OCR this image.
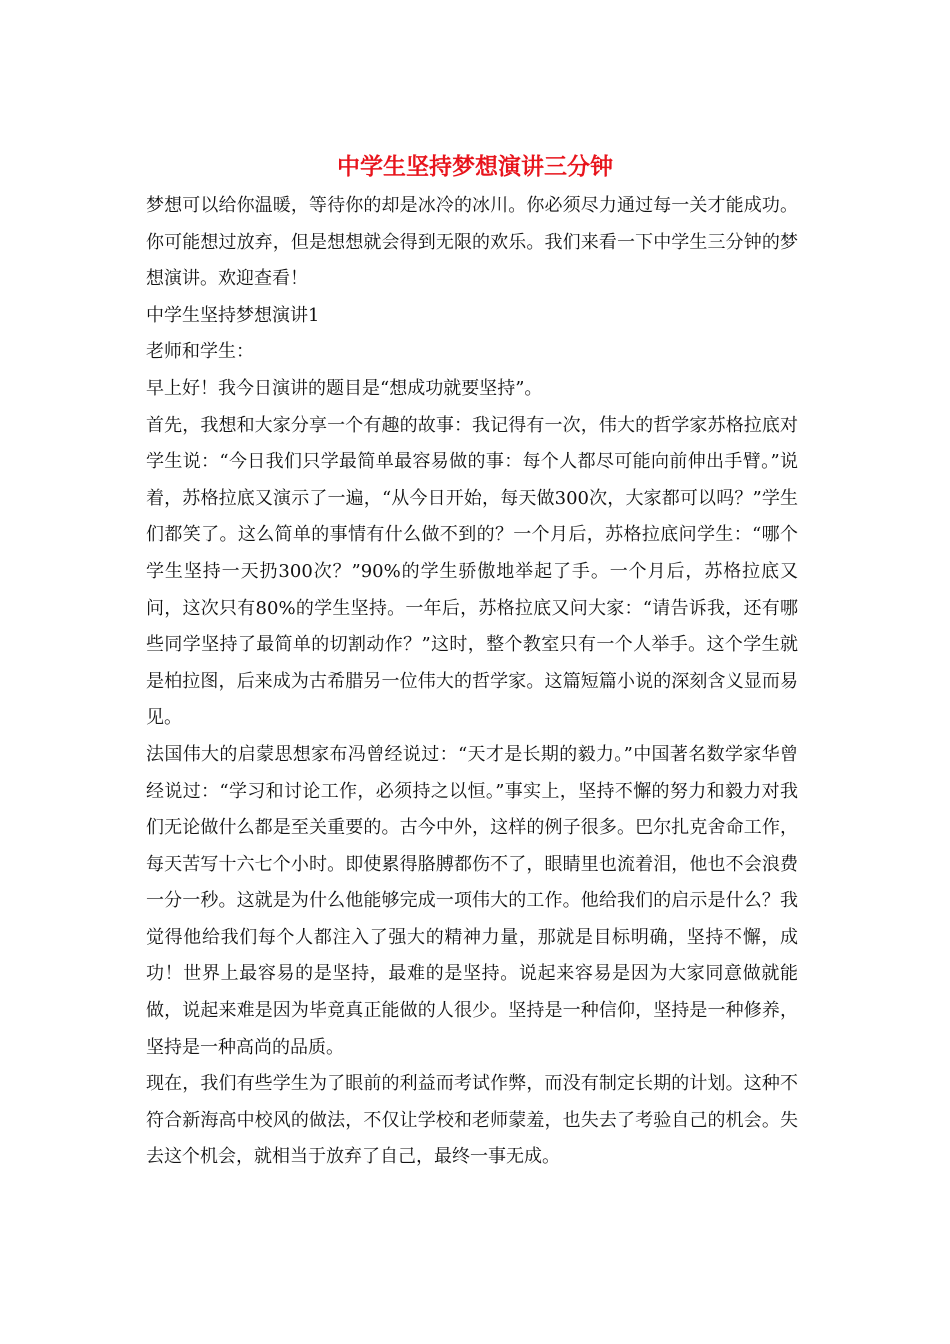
中学生坚持梦想演讲三分钟

梦想可以给你温暖，等待你的却是冰冷的冰川。你必须尽力通过每一关才能成功。你可能想过放弃，但是想想就会得到无限的欢乐。我们来看一下中学生三分钟的梦想演讲。欢迎查看！

中学生坚持梦想演讲1

老师和学生：

早上好！我今日演讲的题目是“想成功就要坚持”。

首先，我想和大家分享一个有趣的故事：我记得有一次，伟大的哲学家苏格拉底对学生说：“今日我们只学最简单最容易做的事：每个人都尽可能向前伸出手臂。”说着，苏格拉底又演示了一遍，“从今日开始，每天做300次，大家都可以吗？”学生们都笑了。这么简单的事情有什么做不到的？一个月后，苏格拉底问学生：“哪个学生坚持一天扔300次？”90%的学生骄傲地举起了手。一个月后，苏格拉底又问，这次只有80%的学生坚持。一年后，苏格拉底又问大家：“请告诉我，还有哪些同学坚持了最简单的切割动作？”这时，整个教室只有一个人举手。这个学生就是柏拉图，后来成为古希腊另一位伟大的哲学家。这篇短篇小说的深刻含义显而易见。

法国伟大的启蒙思想家布冯曾经说过：“天才是长期的毅力。”中国著名数学家华曾经说过：“学习和讨论工作，必须持之以恒。”事实上，坚持不懈的努力和毅力对我们无论做什么都是至关重要的。古今中外，这样的例子很多。巴尔扎克舍命工作，每天苦写十六七个小时。即使累得胳膊都伤不了，眼睛里也流着泪，他也不会浪费一分一秒。这就是为什么他能够完成一项伟大的工作。他给我们的启示是什么？我觉得他给我们每个人都注入了强大的精神力量，那就是目标明确，坚持不懈，成功！世界上最容易的是坚持，最难的是坚持。说起来容易是因为大家同意做就能做，说起来难是因为毕竟真正能做的人很少。坚持是一种信仰，坚持是一种修养，坚持是一种高尚的品质。

现在，我们有些学生为了眼前的利益而考试作弊，而没有制定长期的计划。这种不符合新海高中校风的做法，不仅让学校和老师蒙羞，也失去了考验自己的机会。失去这个机会，就相当于放弃了自己，最终一事无成。
